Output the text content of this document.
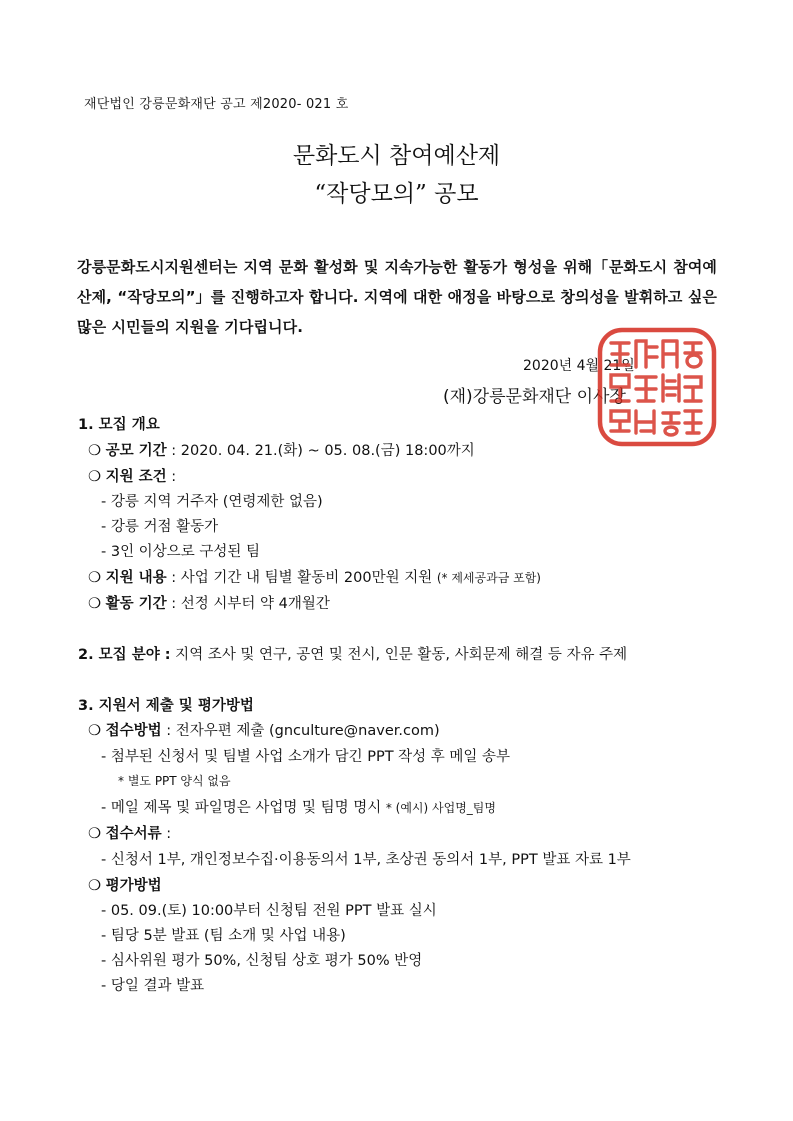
재단법인 강릉문화재단 공고 제2020- 021 호
문화도시 참여예산제
“작당모의” 공모
강릉문화도시지원센터는 지역 문화 활성화 및 지속가능한 활동가 형성을 위해「문화도시 참여예산제, “작당모의”」를 진행하고자 합니다. 지역에 대한 애정을 바탕으로 창의성을 발휘하고 싶은 많은 시민들의 지원을 기다립니다.
2020년 4월 21일
(재)강릉문화재단 이사장
1. 모집 개요
❍ 공모 기간 : 2020. 04. 21.(화) ~ 05. 08.(금) 18:00까지
❍ 지원 조건 :
- 강릉 지역 거주자 (연령제한 없음)
- 강릉 거점 활동가
- 3인 이상으로 구성된 팀
❍ 지원 내용 : 사업 기간 내 팀별 활동비 200만원 지원 (* 제세공과금 포함)
❍ 활동 기간 : 선정 시부터 약 4개월간
2. 모집 분야 : 지역 조사 및 연구, 공연 및 전시, 인문 활동, 사회문제 해결 등 자유 주제
3. 지원서 제출 및 평가방법
❍ 접수방법 : 전자우편 제출 (gnculture@naver.com)
- 첨부된 신청서 및 팀별 사업 소개가 담긴 PPT 작성 후 메일 송부
* 별도 PPT 양식 없음
- 메일 제목 및 파일명은 사업명 및 팀명 명시 * (예시) 사업명_팀명
❍ 접수서류 :
- 신청서 1부, 개인정보수집·이용동의서 1부, 초상권 동의서 1부, PPT 발표 자료 1부
❍ 평가방법
- 05. 09.(토) 10:00부터 신청팀 전원 PPT 발표 실시
- 팀당 5분 발표 (팀 소개 및 사업 내용)
- 심사위원 평가 50%, 신청팀 상호 평가 50% 반영
- 당일 결과 발표
